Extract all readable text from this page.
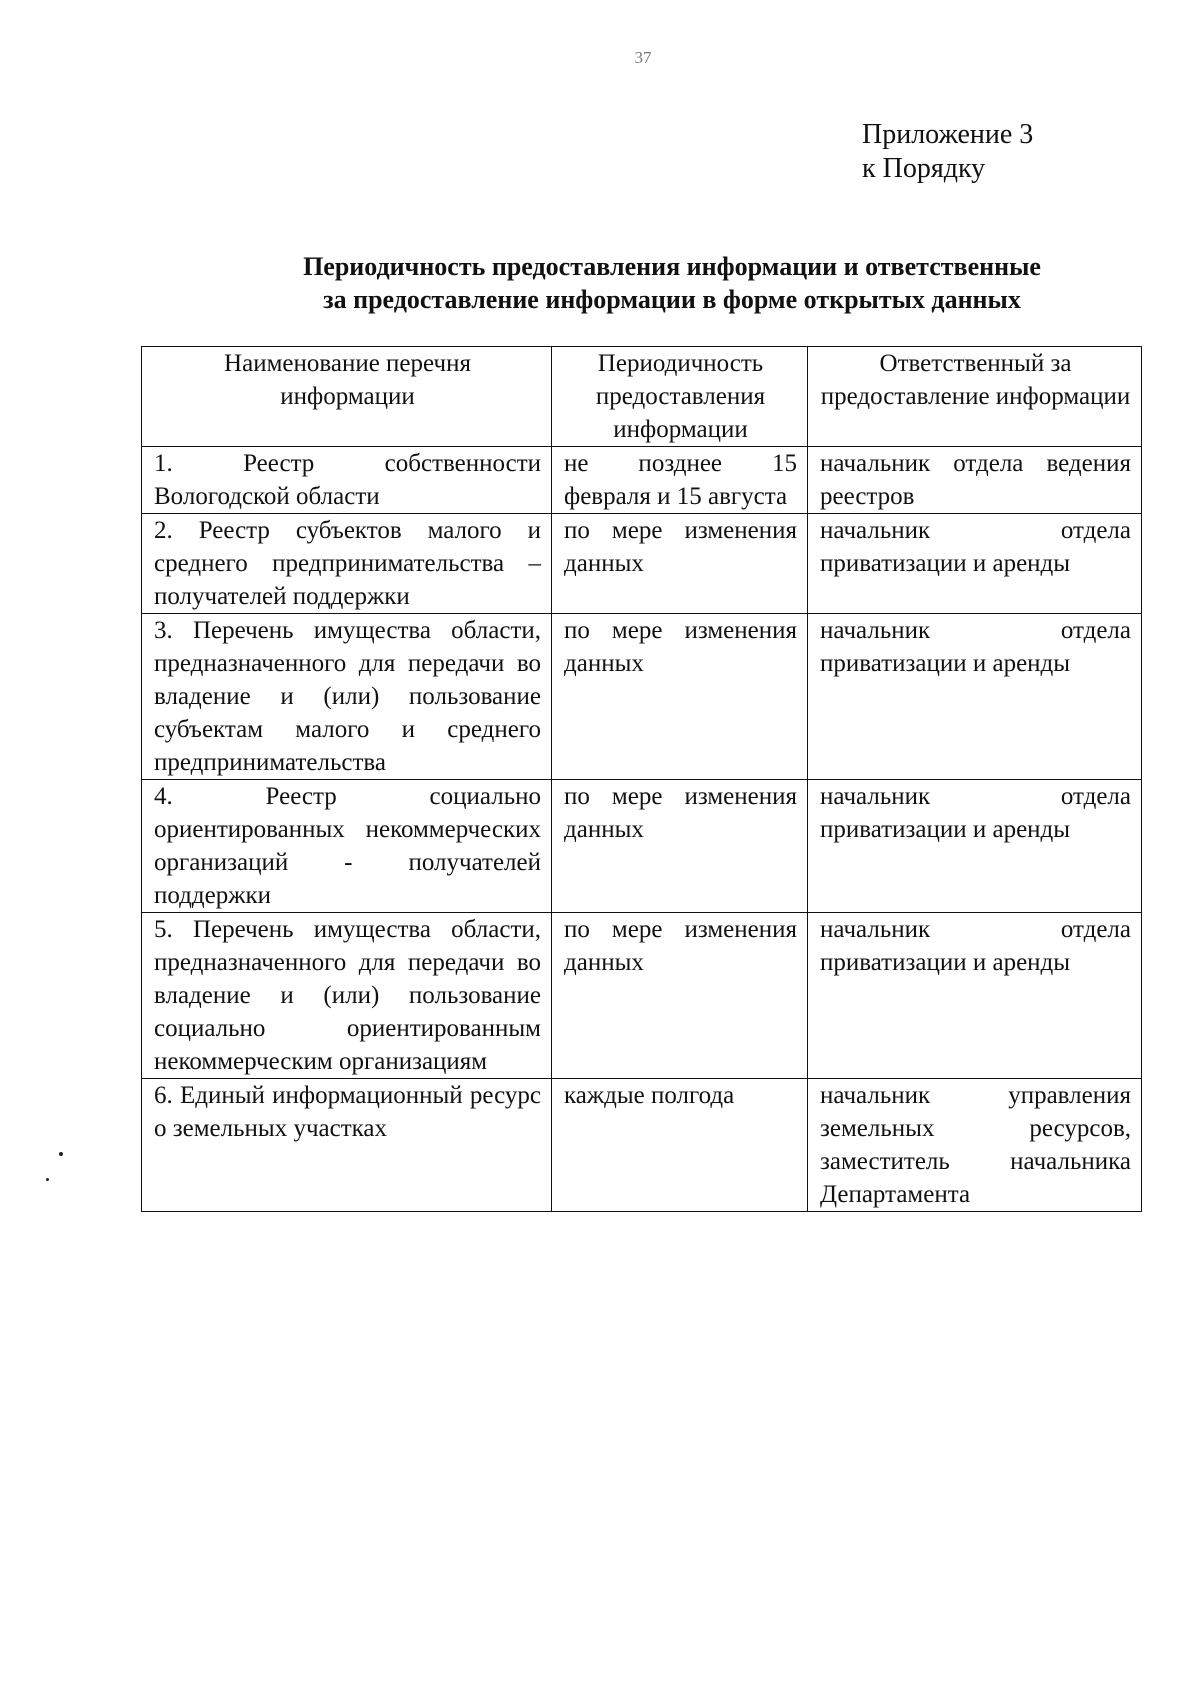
37
Приложение 3
к Порядку
Периодичность предоставления информации и ответственные
за предоставление информации в форме открытых данных
Наименование перечня информации	Периодичность предоставления информации	Ответственный за предоставление информации
1. Реестр собственности Вологодской области	не позднее 15 февраля и 15 августа	начальник отдела ведения реестров
2. Реестр субъектов малого и среднего предпринимательства – получателей поддержки	по мере изменения данных	начальник отдела приватизации и аренды
3. Перечень имущества области, предназначенного для передачи во владение и (или) пользование субъектам малого и среднего предпринимательства	по мере изменения данных	начальник отдела приватизации и аренды
4. Реестр социально ориентированных некоммерческих организаций - получателей поддержки	по мере изменения данных	начальник отдела приватизации и аренды
5. Перечень имущества области, предназначенного для передачи во владение и (или) пользование социально ориентированным некоммерческим организациям	по мере изменения данных	начальник отдела приватизации и аренды
6. Единый информационный ресурс о земельных участках	каждые полгода	начальник управления земельных ресурсов, заместитель начальника Департамента
